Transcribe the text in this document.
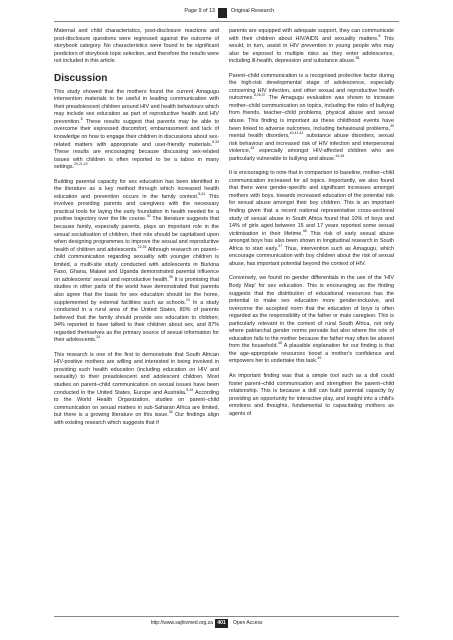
Page 9 of 13	Original Research

Maternal and child characteristics, post-disclosure reactions and post-disclosure questions were regressed against the outcome of storybook category. No characteristics were found to be significant predictors of storybook topic selection, and therefore the results were not included in this article.

Discussion

This study showed that the mothers found the current Amagugu intervention materials to be useful in leading communication with their preadolescent children around HIV and health behaviours which may include sex education as part of reproductive health and HIV prevention.$^8$ These results suggest that parents may be able to overcome their expressed discomfort, embarrassment and lack of knowledge on how to engage their children in discussions about sex-related matters with appropriate and user-friendly materials.$^{8,33}$ These results are encouraging because discussing sex-related issues with children is often reported to be a taboo in many settings.$^{20,21,22}$

Building parental capacity for sex education has been identified in the literature as a key method through which increased health education and prevention occurs in the family context.$^{8,34}$ This involves providing parents and caregivers with the necessary practical tools for laying the early foundation in health needed for a positive trajectory over the life course.$^{30}$ The literature suggests that because family, especially parents, plays an important role in the sexual socialisation of children, their role should be capitalised upon when designing programmes to improve the sexual and reproductive health of children and adolescents.$^{22,26}$ Although research on parent–child communication regarding sexuality with younger children is limited, a multi-site study conducted with adolescents in Burkina Faso, Ghana, Malawi and Uganda demonstrated parental influence on adolescents' sexual and reproductive health.$^{35}$ It is promising that studies in other parts of the world have demonstrated that parents also agree that the basis for sex education should be the home, supplemented by external facilities such as schools.$^{24}$ In a study conducted in a rural area of the United States, 80% of parents believed that the family should provide sex education to children; 94% reported to have talked to their children about sex, and 87% regarded themselves as the primary source of sexual information for their adolescents.$^{24}$

This research is one of the first to demonstrate that South African HIV-positive mothers are willing and interested in being involved in providing such health education (including education on HIV and sexuality) to their preadolescent and adolescent children. Most studies on parent–child communication on sexual issues have been conducted in the United States, Europe and Australia.$^{8,19}$ According to the World Health Organization, studies on parent–child communication on sexual matters in sub-Saharan Africa are limited, but there is a growing literature on this issue.$^{36}$ Our findings align with existing research which suggests that if

parents are equipped with adequate support, they can communicate with their children about HIV/AIDS and sexuality matters.$^8$ This would, in turn, assist in HIV prevention in young people who may also be exposed to multiple risks as they enter adolescence, including ill-health, depression and substance abuse.$^{38}$

Parent–child communication is a recognised protective factor during the high-risk developmental stage of adolescence, especially concerning HIV infection, and other sexual and reproductive health outcomes.$^{8,26,37}$ The Amagugu evaluation was shown to increase mother–child communication on topics, including the risks of bullying from friends, teacher–child problems, physical abuse and sexual abuse. This finding is important as these childhood events have been linked to adverse outcomes, including behavioural problems,$^{39}$ mental health disorders,$^{40,41,42}$ substance abuse disorders, sexual risk behaviour and increased risk of HIV infection and interpersonal violence,$^{43}$ especially amongst HIV-affected children who are particularly vulnerable to bullying and abuse.$^{44,45}$

It is encouraging to note that in comparison to baseline, mother–child communication increased for all topics. Importantly, we also found that there were gender-specific and significant increases amongst mothers with boys, towards increased education of the potential risk for sexual abuse amongst their boy children. This is an important finding given that a recent national representative cross-sectional study of sexual abuse in South Africa found that 10% of boys and 14% of girls aged between 15 and 17 years reported some sexual victimisation in their lifetime.$^{46}$ This risk of early sexual abuse amongst boys has also been shown in longitudinal research in South Africa to start early.$^{47}$ Thus, intervention such as Amagugu, which encourage communication with boy children about the risk of sexual abuse, has important potential beyond the context of HIV.

Conversely, we found no gender differentials in the use of the 'HIV Body Map' for sex education. This is encouraging as the finding suggests that the distribution of educational resources has the potential to make sex education more gender-inclusive, and overcome the accepted norm that the education of boys is often regarded as the responsibility of the father or male caregiver. This is particularly relevant in the context of rural South Africa, not only where patriarchal gender norms pervade but also where the role of education falls to the mother because the father may often be absent from the household.$^{48}$ A plausible explanation for our finding is that the age-appropriate resources boost a mother's confidence and empowers her to undertake this task.$^{49}$

An important finding was that a simple tool such as a doll could foster parent–child communication and strengthen the parent–child relationship. This is because a doll can build parental capacity by providing an opportunity for interactive play, and insight into a child's emotions and thoughts, fundamental to capacitating mothers as agents of

http://www.sajhivmed.org.za 401	Open Access
